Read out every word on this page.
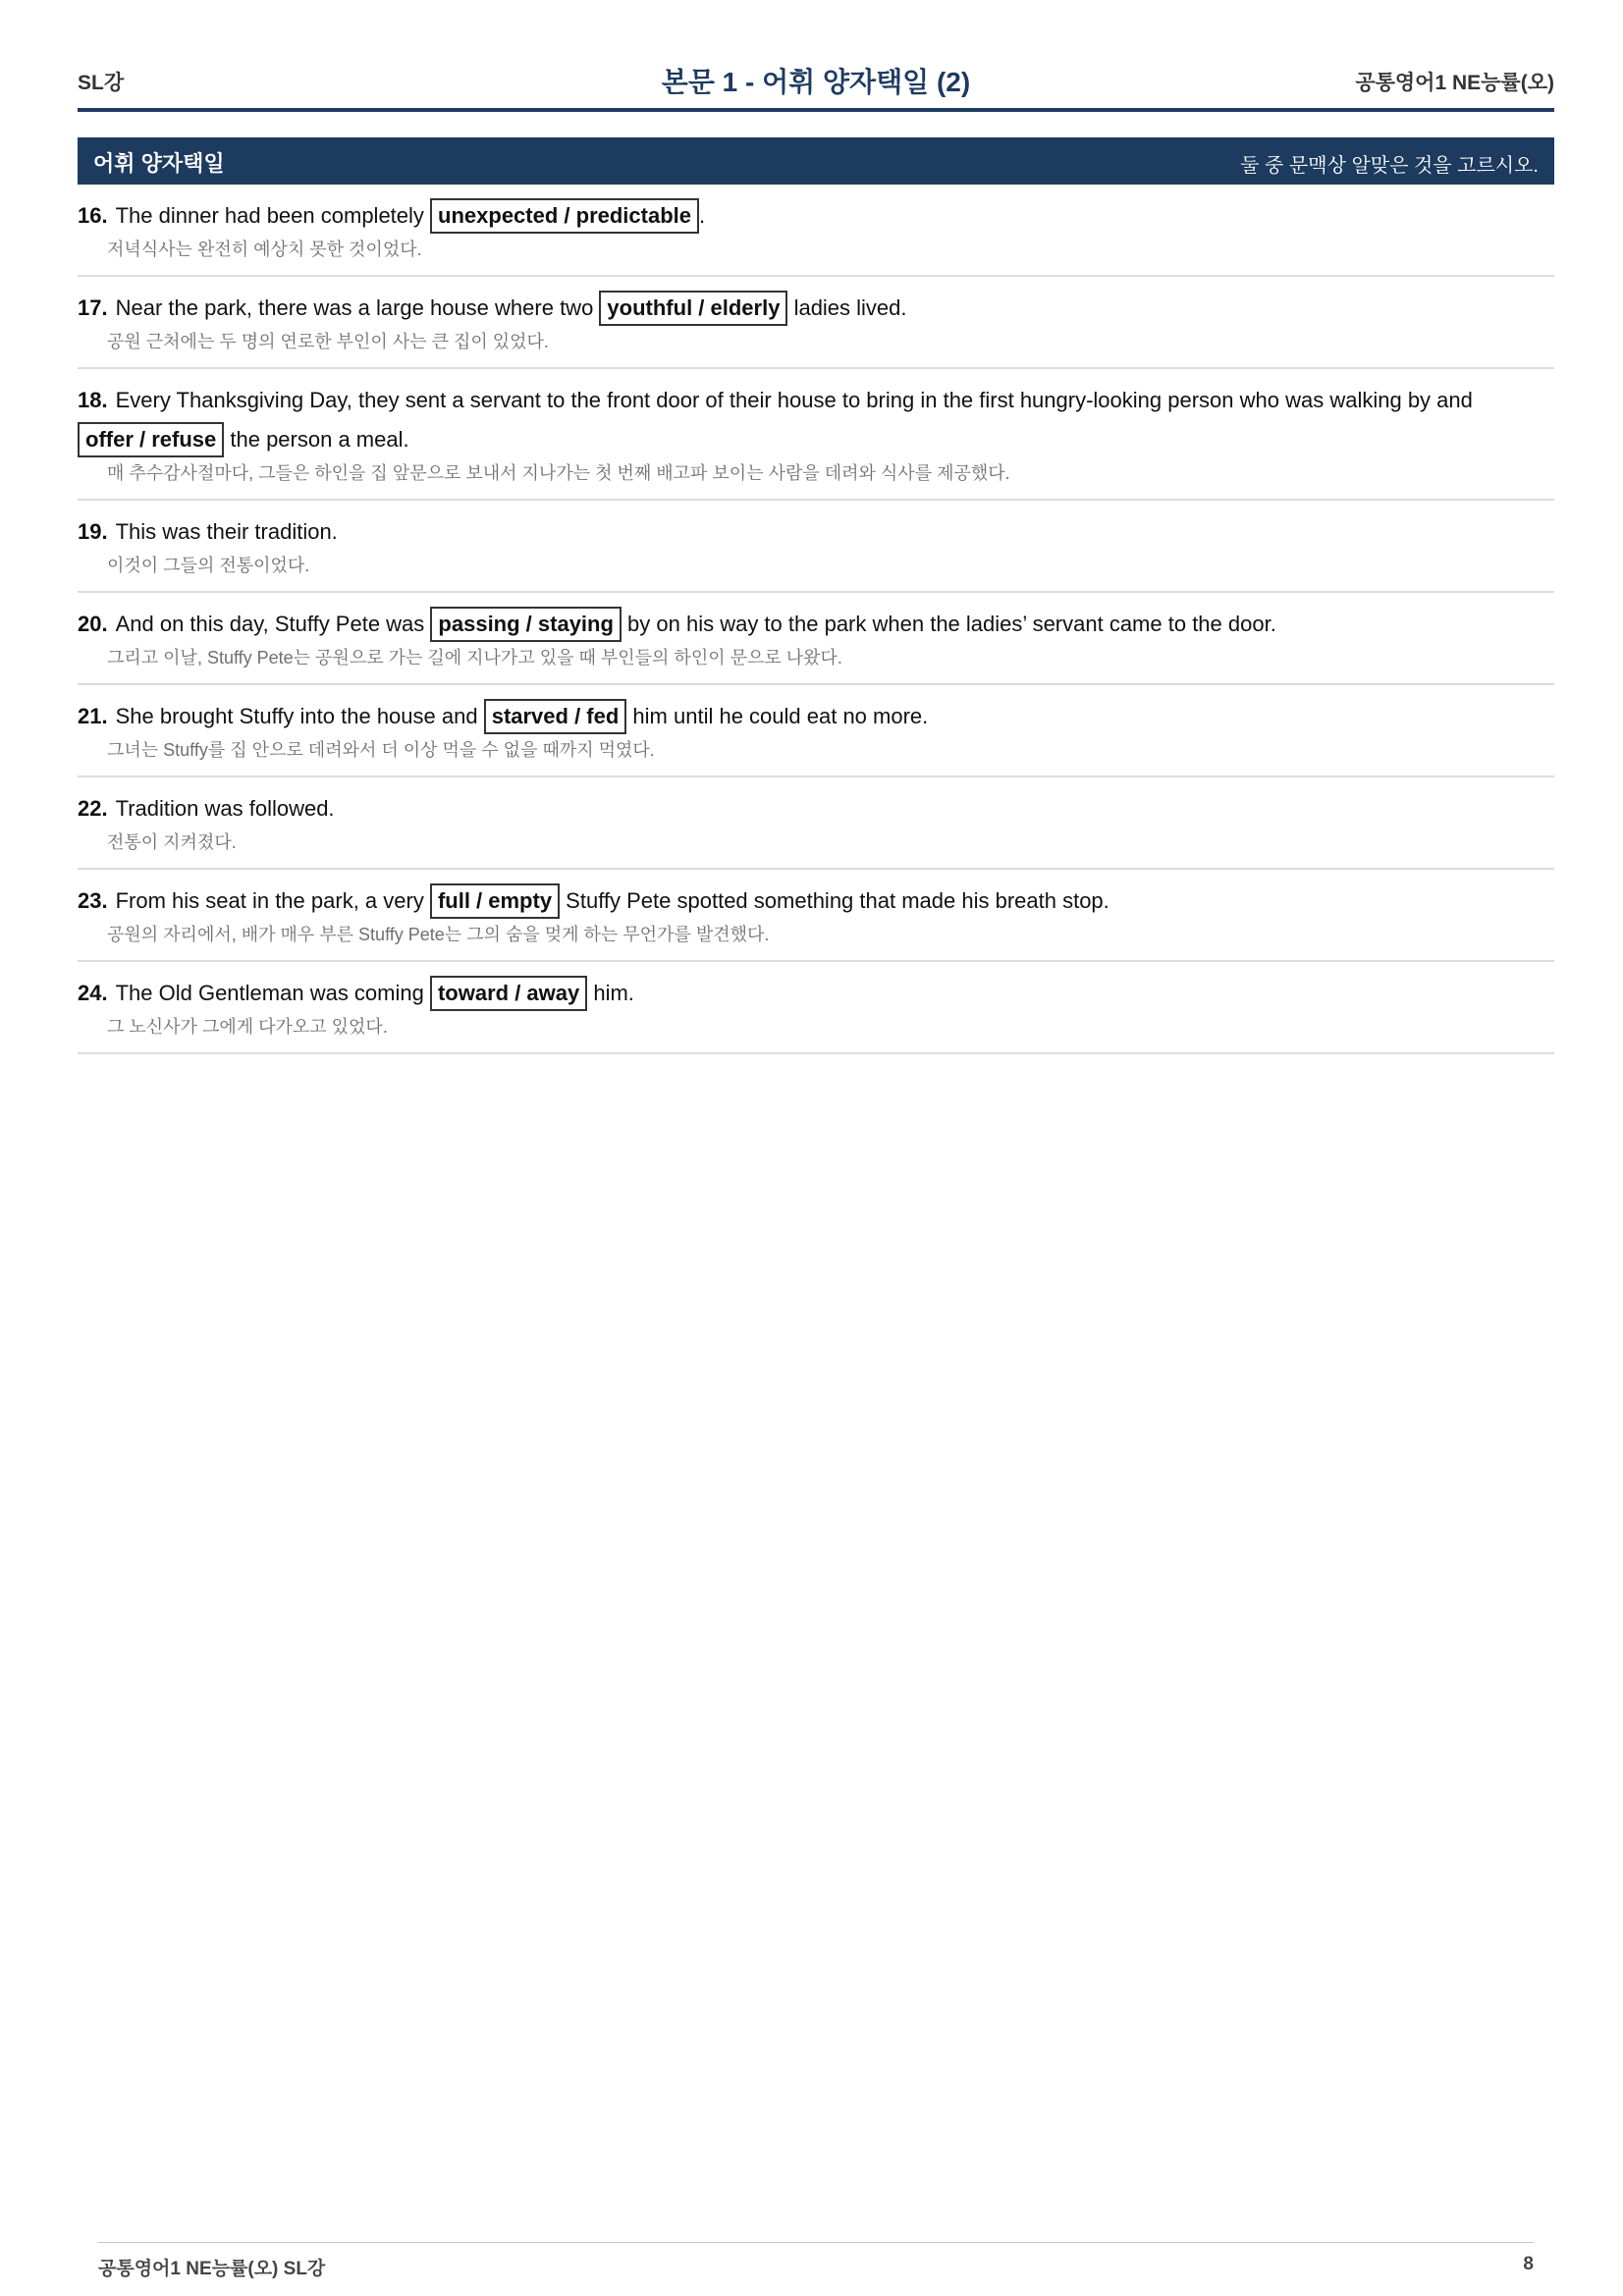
SL강	본문 1 - 어휘 양자택일 (2)	공통영어1 NE능률(오)
어휘 양자택일	둘 중 문맥상 알맞은 것을 고르시오.
16. The dinner had been completely unexpected / predictable .
저녁식사는 완전히 예상치 못한 것이었다.
17. Near the park, there was a large house where two youthful / elderly ladies lived.
공원 근처에는 두 명의 연로한 부인이 사는 큰 집이 있었다.
18. Every Thanksgiving Day, they sent a servant to the front door of their house to bring in the first hungry-looking person who was walking by and offer / refuse the person a meal.
매 추수감사절마다, 그들은 하인을 집 앞문으로 보내서 지나가는 첫 번째 배고파 보이는 사람을 데려와 식사를 제공했다.
19. This was their tradition.
이것이 그들의 전통이었다.
20. And on this day, Stuffy Pete was passing / staying by on his way to the park when the ladies’ servant came to the door.
그리고 이날, Stuffy Pete는 공원으로 가는 길에 지나가고 있을 때 부인들의 하인이 문으로 나왔다.
21. She brought Stuffy into the house and starved / fed him until he could eat no more.
그녀는 Stuffy를 집 안으로 데려와서 더 이상 먹을 수 없을 때까지 먹였다.
22. Tradition was followed.
전통이 지켜졌다.
23. From his seat in the park, a very full / empty Stuffy Pete spotted something that made his breath stop.
공원의 자리에서, 배가 매우 부른 Stuffy Pete는 그의 숨을 멎게 하는 무언가를 발견했다.
24. The Old Gentleman was coming toward / away him.
그 노신사가 그에게 다가오고 있었다.
공통영어1 NE능률(오) SL강	8
